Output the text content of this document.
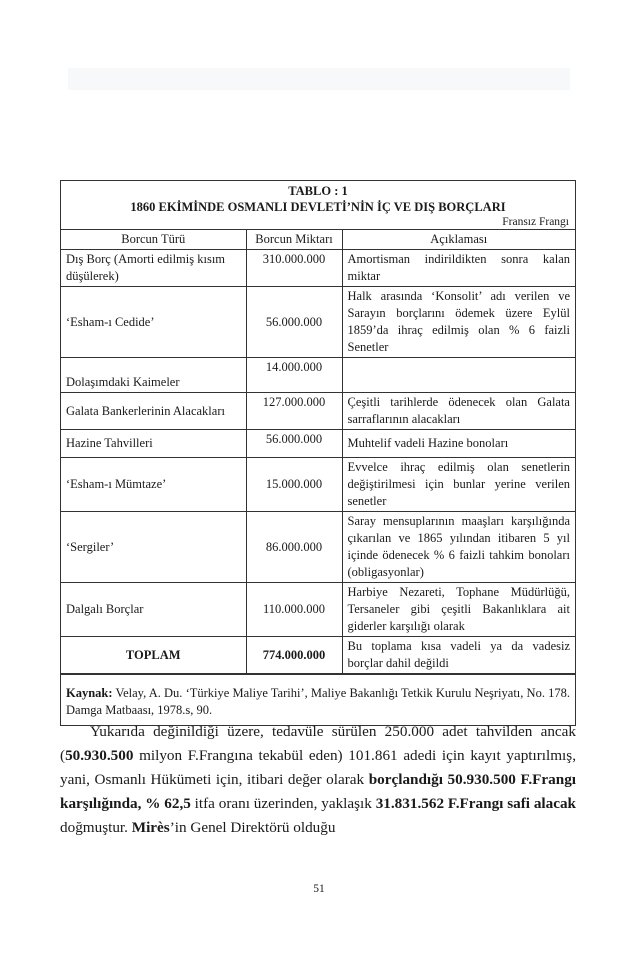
TABLO : 1
1860 EKİMİNDE OSMANLI DEVLETİ’NİN İÇ VE DIŞ BORÇLARI
Fransız Frangı
Borcun Türü	Borcun Miktarı	Açıklaması
Dış Borç (Amorti edilmiş kısım düşülerek)	310.000.000	Amortisman indirildikten sonra kalan miktar
‘Esham-ı Cedide’	56.000.000	Halk arasında ‘Konsolit’ adı verilen ve Sarayın borçlarını ödemek üzere Eylül 1859’da ihraç edilmiş olan % 6 faizli Senetler
Dolaşımdaki Kaimeler	14.000.000	
Galata Bankerlerinin Alacakları	127.000.000	Çeşitli tarihlerde ödenecek olan Galata sarraflarının alacakları
Hazine Tahvilleri	56.000.000	Muhtelif vadeli Hazine bonoları
‘Esham-ı Mümtaze’	15.000.000	Evvelce ihraç edilmiş olan senetlerin değiştirilmesi için bunlar yerine verilen senetler
‘Sergiler’	86.000.000	Saray mensuplarının maaşları karşılığında çıkarılan ve 1865 yılından itibaren 5 yıl içinde ödenecek % 6 faizli tahkim bonoları (obligasyonlar)
Dalgalı Borçlar	110.000.000	Harbiye Nezareti, Tophane Müdürlüğü, Tersaneler gibi çeşitli Bakanlıklara ait giderler karşılığı olarak
TOPLAM	774.000.000	Bu toplama kısa vadeli ya da vadesiz borçlar dahil değildi
Kaynak: Velay, A. Du. ‘Türkiye Maliye Tarihi’, Maliye Bakanlığı Tetkik Kurulu Neşriyatı, No. 178. Damga Matbaası, 1978.s, 90.
Yukarıda değinildiği üzere, tedavüle sürülen 250.000 adet tahvilden ancak (50.930.500 milyon F.Frangına tekabül eden) 101.861 adedi için kayıt yaptırılmış, yani, Osmanlı Hükümeti için, itibari değer olarak borçlandığı 50.930.500 F.Frangı karşılığında, % 62,5 itfa oranı üzerinden, yaklaşık 31.831.562 F.Frangı safi alacak doğmuştur. Mirès’in Genel Direktörü olduğu
51
